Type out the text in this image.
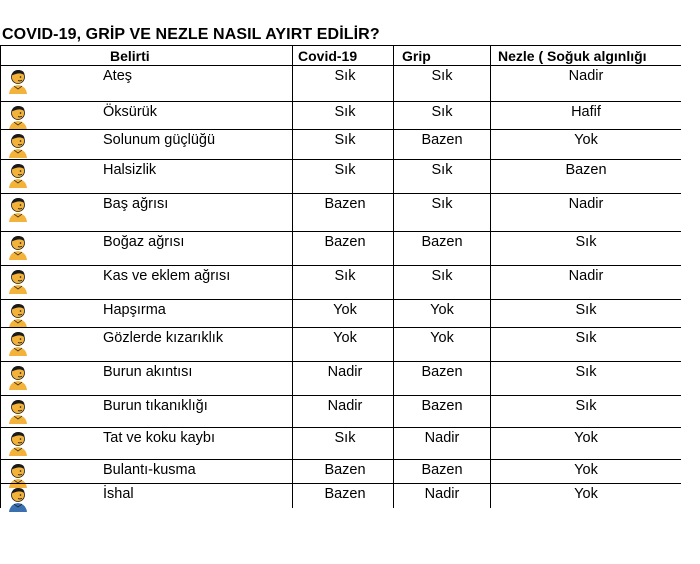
COVID-19, GRİP VE NEZLE NASIL AYIRT EDİLİR?
Belirti	Covid-19	Grip	Nezle ( Soğuk algınlığı
Ateş	Sık	Sık	Nadir
Öksürük	Sık	Sık	Hafif
Solunum güçlüğü	Sık	Bazen	Yok
Halsizlik	Sık	Sık	Bazen
Baş ağrısı	Bazen	Sık	Nadir
Boğaz ağrısı	Bazen	Bazen	Sık
Kas ve eklem ağrısı	Sık	Sık	Nadir
Hapşırma	Yok	Yok	Sık
Gözlerde kızarıklık	Yok	Yok	Sık
Burun akıntısı	Nadir	Bazen	Sık
Burun tıkanıklığı	Nadir	Bazen	Sık
Tat ve koku kaybı	Sık	Nadir	Yok
Bulantı-kusma	Bazen	Bazen	Yok
İshal	Bazen	Nadir	Yok
